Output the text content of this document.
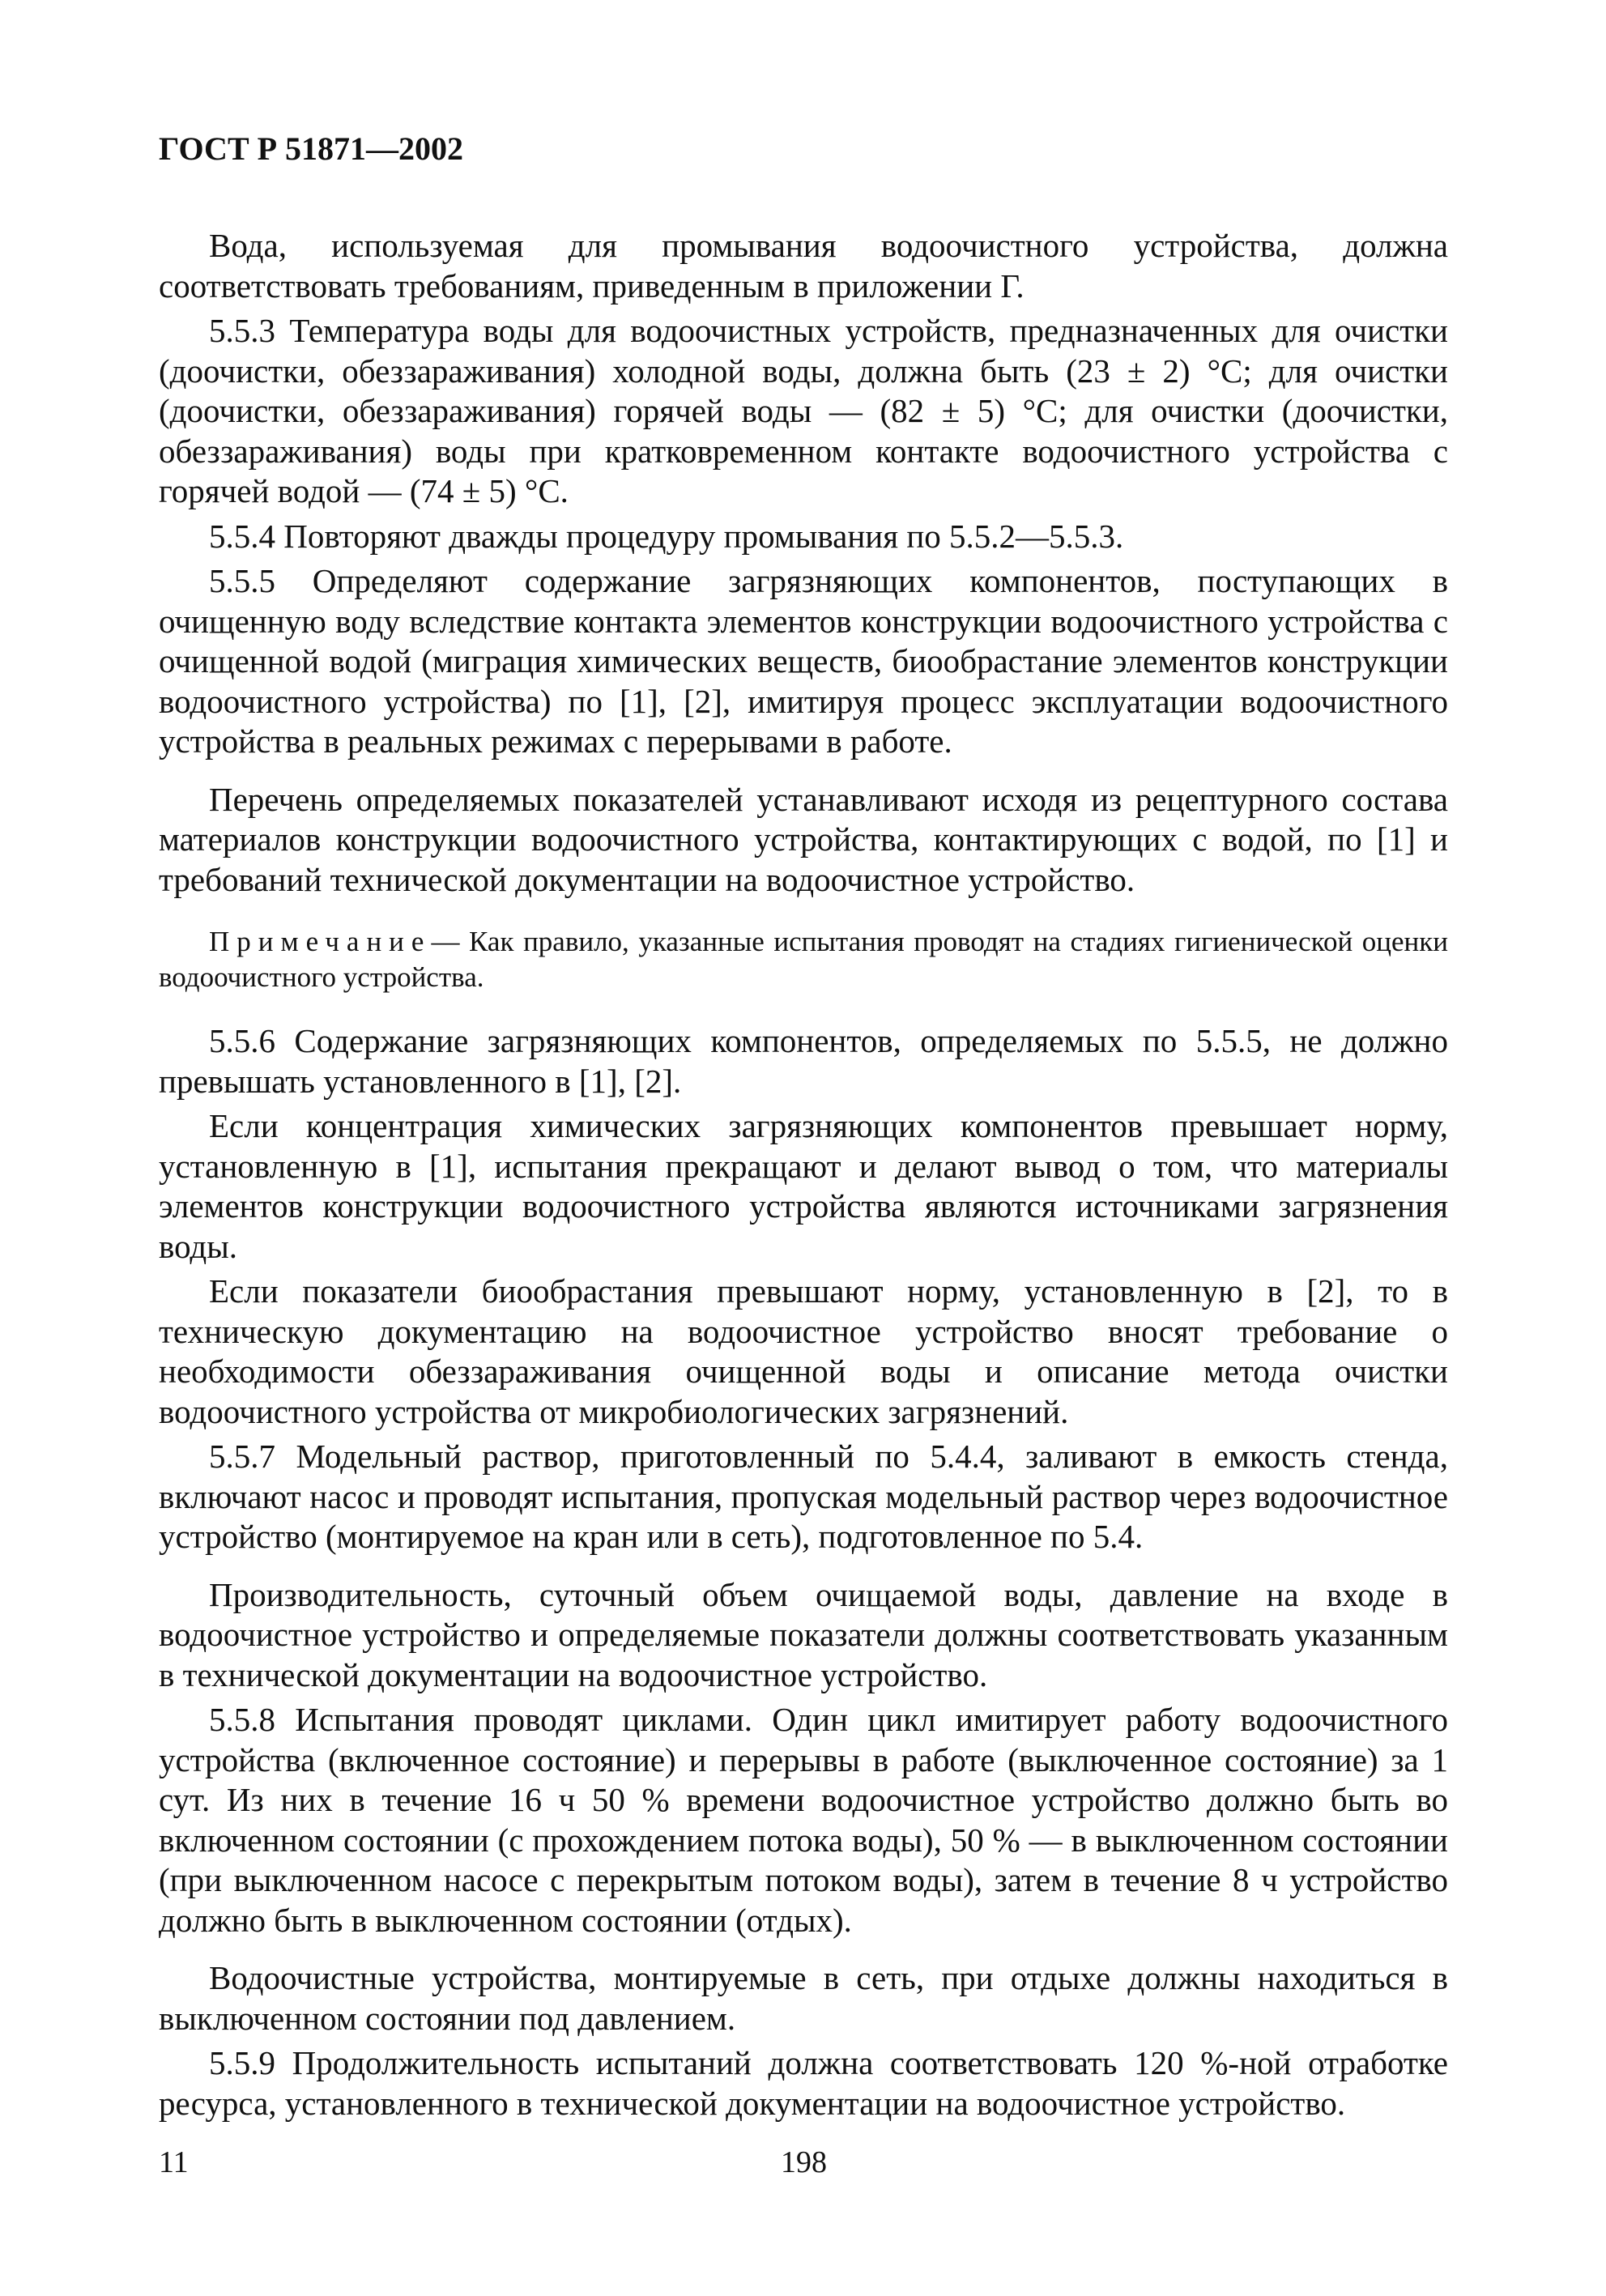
ГОСТ Р 51871—2002

Вода, используемая для промывания водоочистного устройства, должна соответствовать требованиям, приведенным в приложении Г.

5.5.3 Температура воды для водоочистных устройств, предназначенных для очистки (доочистки, обеззараживания) холодной воды, должна быть (23 ± 2) °С; для очистки (доочистки, обеззараживания) горячей воды — (82 ± 5) °С; для очистки (доочистки, обеззараживания) воды при кратковременном контакте водоочистного устройства с горячей водой — (74 ± 5) °С.

5.5.4 Повторяют дважды процедуру промывания по 5.5.2—5.5.3.

5.5.5 Определяют содержание загрязняющих компонентов, поступающих в очищенную воду вследствие контакта элементов конструкции водоочистного устройства с очищенной водой (миграция химических веществ, биообрастание элементов конструкции водоочистного устройства) по [1], [2], имитируя процесс эксплуатации водоочистного устройства в реальных режимах с перерывами в работе.

Перечень определяемых показателей устанавливают исходя из рецептурного состава материалов конструкции водоочистного устройства, контактирующих с водой, по [1] и требований технической документации на водоочистное устройство.

Примечание— Как правило, указанные испытания проводят на стадиях гигиенической оценки водоочистного устройства.

5.5.6 Содержание загрязняющих компонентов, определяемых по 5.5.5, не должно превышать установленного в [1], [2].

Если концентрация химических загрязняющих компонентов превышает норму, установленную в [1], испытания прекращают и делают вывод о том, что материалы элементов конструкции водоочистного устройства являются источниками загрязнения воды.

Если показатели биообрастания превышают норму, установленную в [2], то в техническую документацию на водоочистное устройство вносят требование о необходимости обеззараживания очищенной воды и описание метода очистки водоочистного устройства от микробиологических загрязнений.

5.5.7 Модельный раствор, приготовленный по 5.4.4, заливают в емкость стенда, включают насос и проводят испытания, пропуская модельный раствор через водоочистное устройство (монтируемое на кран или в сеть), подготовленное по 5.4.

Производительность, суточный объем очищаемой воды, давление на входе в водоочистное устройство и определяемые показатели должны соответствовать указанным в технической документации на водоочистное устройство.

5.5.8 Испытания проводят циклами. Один цикл имитирует работу водоочистного устройства (включенное состояние) и перерывы в работе (выключенное состояние) за 1 сут. Из них в течение 16 ч 50 % времени водоочистное устройство должно быть во включенном состоянии (с прохождением потока воды), 50 % — в выключенном состоянии (при выключенном насосе с перекрытым потоком воды), затем в течение 8 ч устройство должно быть в выключенном состоянии (отдых).

Водоочистные устройства, монтируемые в сеть, при отдыхе должны находиться в выключенном состоянии под давлением.

5.5.9 Продолжительность испытаний должна соответствовать 120 %-ной отработке ресурса, установленного в технической документации на водоочистное устройство.

11	198
